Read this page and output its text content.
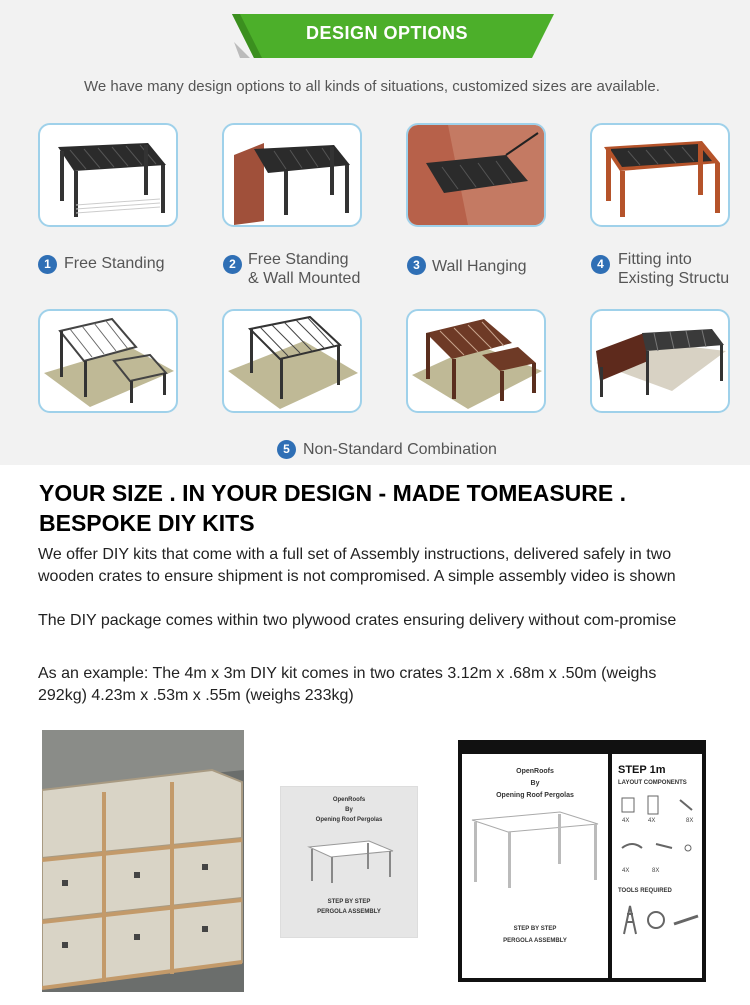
DESIGN OPTIONS
We have many design options to all kinds of situations, customized sizes are available.
1 Free Standing	2 Free Standing
& Wall Mounted
3 Wall Hanging	4 Fitting into
Existing Structu
5 Non-Standard Combination
YOUR SIZE . IN YOUR DESIGN - MADE TOMEASURE . BESPOKE DIY KITS
We offer DIY kits that come with a full set of Assembly instructions, delivered safely in two wooden crates to ensure shipment is not compromised. A simple assembly video is shown
The DIY package comes within two plywood crates ensuring delivery without com-promise
As an example: The 4m x 3m DIY kit comes in two crates 3.12m x .68m x .50m (weighs 292kg) 4.23m x .53m x .55m (weighs 233kg)
OpenRoofs
By
Opening Roof Pergolas
STEP BY STEP
PERGOLA ASSEMBLY
OpenRoofs
By
Opening Roof Pergolas
STEP BY STEP
PERGOLA ASSEMBLY
STEP 1m
LAYOUT COMPONENTS
4X	4X	8X
4X	8X
TOOLS REQUIRED
